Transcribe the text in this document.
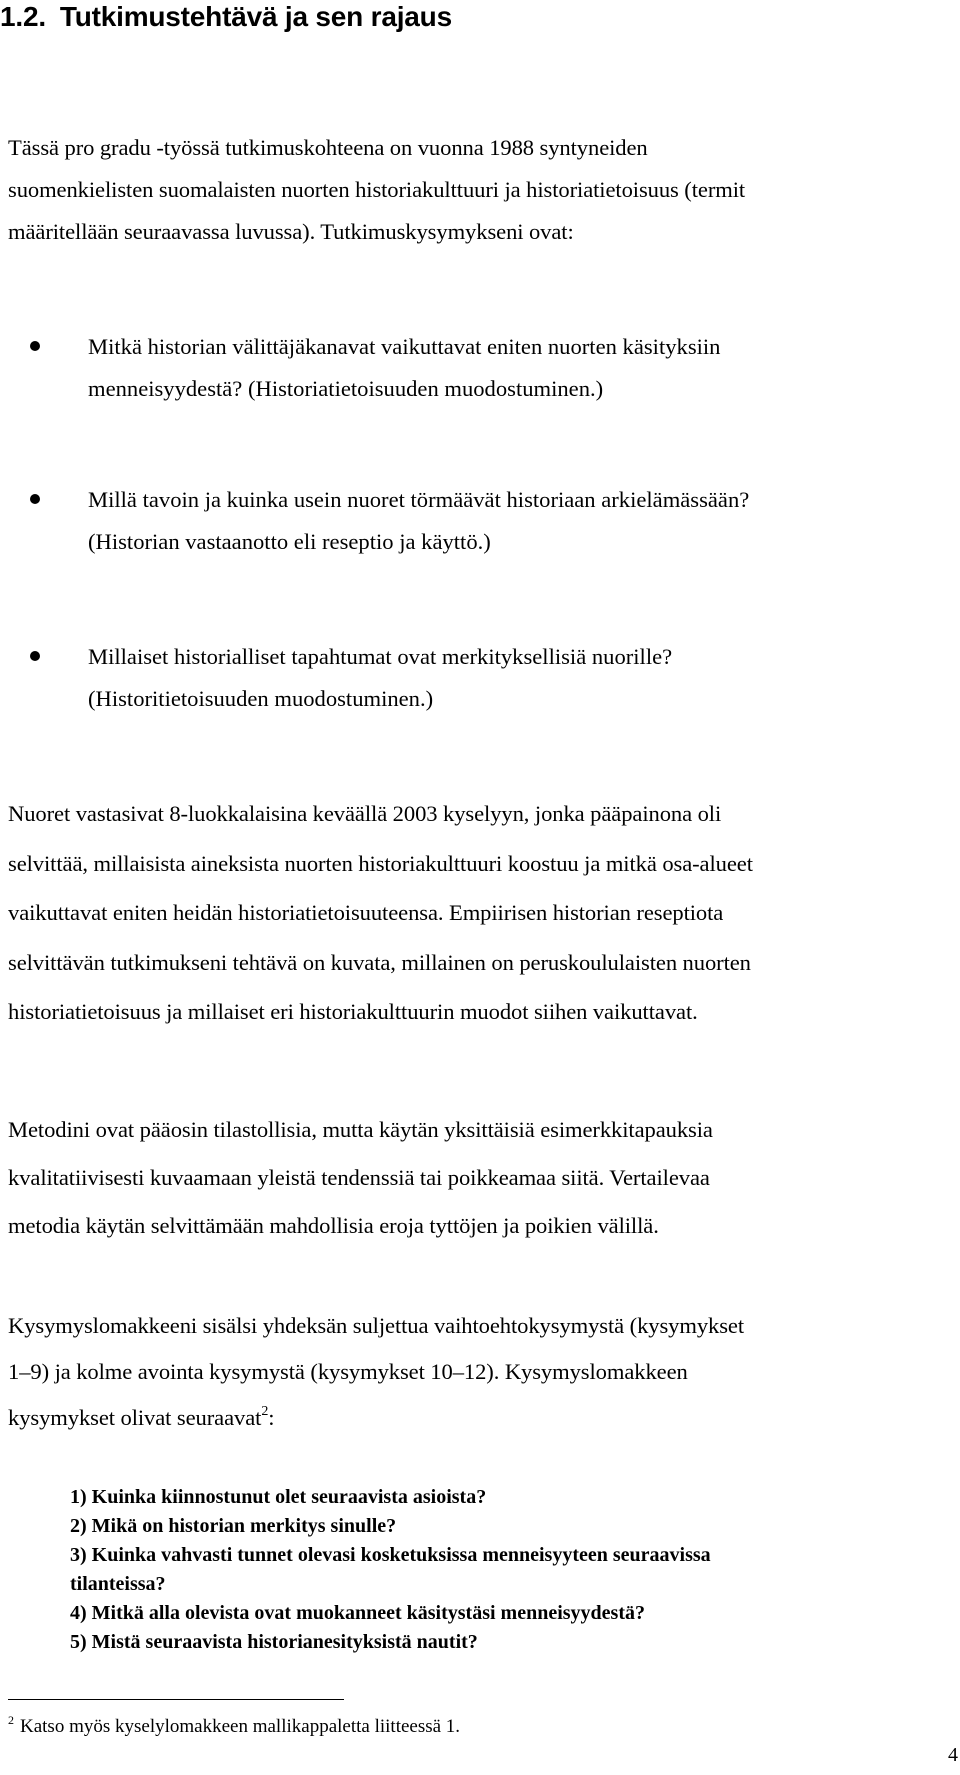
1.2. Tutkimustehtävä ja sen rajaus

Tässä pro gradu -työssä tutkimuskohteena on vuonna 1988 syntyneiden
suomenkielisten suomalaisten nuorten historiakulttuuri ja historiatietoisuus (termit
määritellään seuraavassa luvussa). Tutkimuskysymykseni ovat:

Mitkä historian välittäjäkanavat vaikuttavat eniten nuorten käsityksiin
menneisyydestä? (Historiatietoisuuden muodostuminen.)
Millä tavoin ja kuinka usein nuoret törmäävät historiaan arkielämässään?
(Historian vastaanotto eli reseptio ja käyttö.)
Millaiset historialliset tapahtumat ovat merkityksellisiä nuorille?
(Historitietoisuuden muodostuminen.)

Nuoret vastasivat 8-luokkalaisina keväällä 2003 kyselyyn, jonka pääpainona oli
selvittää, millaisista aineksista nuorten historiakulttuuri koostuu ja mitkä osa-alueet
vaikuttavat eniten heidän historiatietoisuuteensa. Empiirisen historian reseptiota
selvittävän tutkimukseni tehtävä on kuvata, millainen on peruskoululaisten nuorten
historiatietoisuus ja millaiset eri historiakulttuurin muodot siihen vaikuttavat.

Metodini ovat pääosin tilastollisia, mutta käytän yksittäisiä esimerkkitapauksia
kvalitatiivisesti kuvaamaan yleistä tendenssiä tai poikkeamaa siitä. Vertailevaa
metodia käytän selvittämään mahdollisia eroja tyttöjen ja poikien välillä.

Kysymyslomakkeeni sisälsi yhdeksän suljettua vaihtoehtokysymystä (kysymykset
1–9) ja kolme avointa kysymystä (kysymykset 10–12). Kysymyslomakkeen
kysymykset olivat seuraavat$^2$:

1) Kuinka kiinnostunut olet seuraavista asioista?
2) Mikä on historian merkitys sinulle?
3) Kuinka vahvasti tunnet olevasi kosketuksissa menneisyyteen seuraavissa
tilanteissa?
4) Mitkä alla olevista ovat muokanneet käsitystäsi menneisyydestä?
5) Mistä seuraavista historianesityksistä nautit?

$^2$ Katso myös kyselylomakkeen mallikappaletta liitteessä 1.

4
